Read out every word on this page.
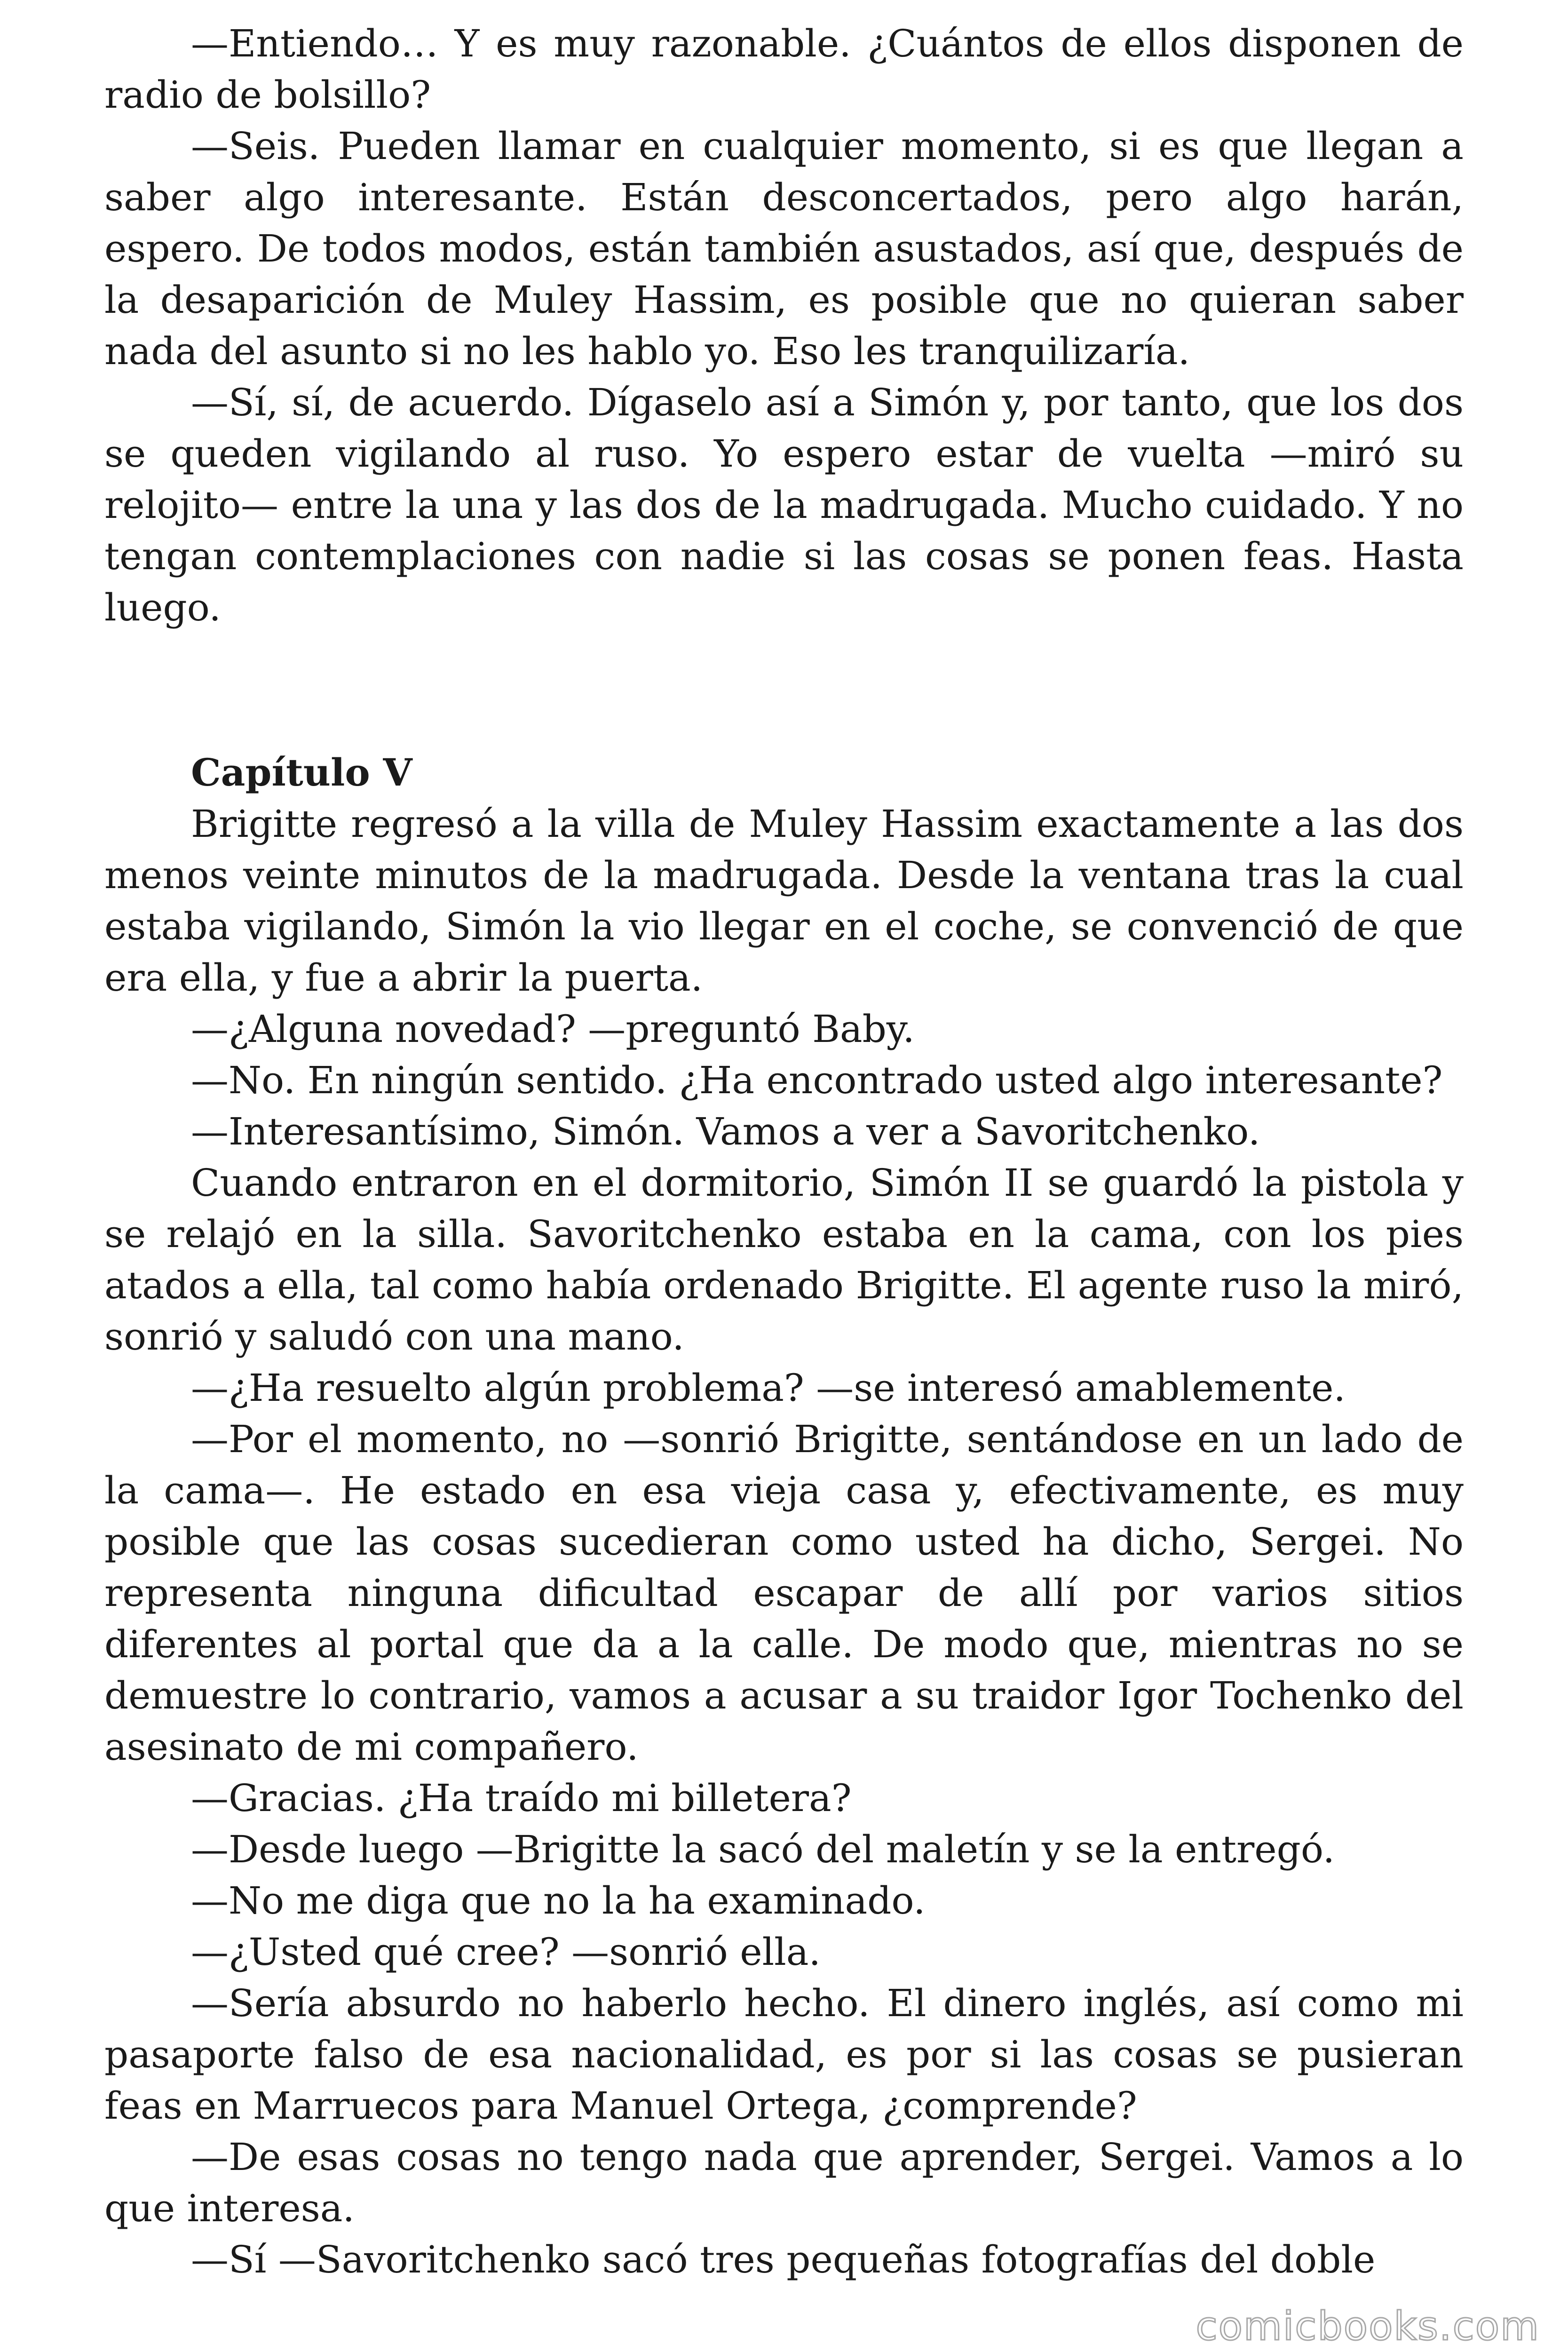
—Entiendo… Y es muy razonable. ¿Cuántos de ellos disponen de radio de bolsillo?

—Seis. Pueden llamar en cualquier momento, si es que llegan a saber algo interesante. Están desconcertados, pero algo harán, espero. De todos modos, están también asustados, así que, después de la desaparición de Muley Hassim, es posible que no quieran saber nada del asunto si no les hablo yo. Eso les tranquilizaría.

—Sí, sí, de acuerdo. Dígaselo así a Simón y, por tanto, que los dos se queden vigilando al ruso. Yo espero estar de vuelta —miró su relojito— entre la una y las dos de la madrugada. Mucho cuidado. Y no tengan contemplaciones con nadie si las cosas se ponen feas. Hasta luego.

Capítulo V

Brigitte regresó a la villa de Muley Hassim exactamente a las dos menos veinte minutos de la madrugada. Desde la ventana tras la cual estaba vigilando, Simón la vio llegar en el coche, se convenció de que era ella, y fue a abrir la puerta.

—¿Alguna novedad? —preguntó Baby.

—No. En ningún sentido. ¿Ha encontrado usted algo interesante?

—Interesantísimo, Simón. Vamos a ver a Savoritchenko.

Cuando entraron en el dormitorio, Simón II se guardó la pistola y se relajó en la silla. Savoritchenko estaba en la cama, con los pies atados a ella, tal como había ordenado Brigitte. El agente ruso la miró, sonrió y saludó con una mano.

—¿Ha resuelto algún problema? —se interesó amablemente.

—Por el momento, no —sonrió Brigitte, sentándose en un lado de la cama—. He estado en esa vieja casa y, efectivamente, es muy posible que las cosas sucedieran como usted ha dicho, Sergei. No representa ninguna dificultad escapar de allí por varios sitios diferentes al portal que da a la calle. De modo que, mientras no se demuestre lo contrario, vamos a acusar a su traidor Igor Tochenko del asesinato de mi compañero.

—Gracias. ¿Ha traído mi billetera?

—Desde luego —Brigitte la sacó del maletín y se la entregó.

—No me diga que no la ha examinado.

—¿Usted qué cree? —sonrió ella.

—Sería absurdo no haberlo hecho. El dinero inglés, así como mi pasaporte falso de esa nacionalidad, es por si las cosas se pusieran feas en Marruecos para Manuel Ortega, ¿comprende?

—De esas cosas no tengo nada que aprender, Sergei. Vamos a lo que interesa.

—Sí —Savoritchenko sacó tres pequeñas fotografías del doble

comicbooks.com
